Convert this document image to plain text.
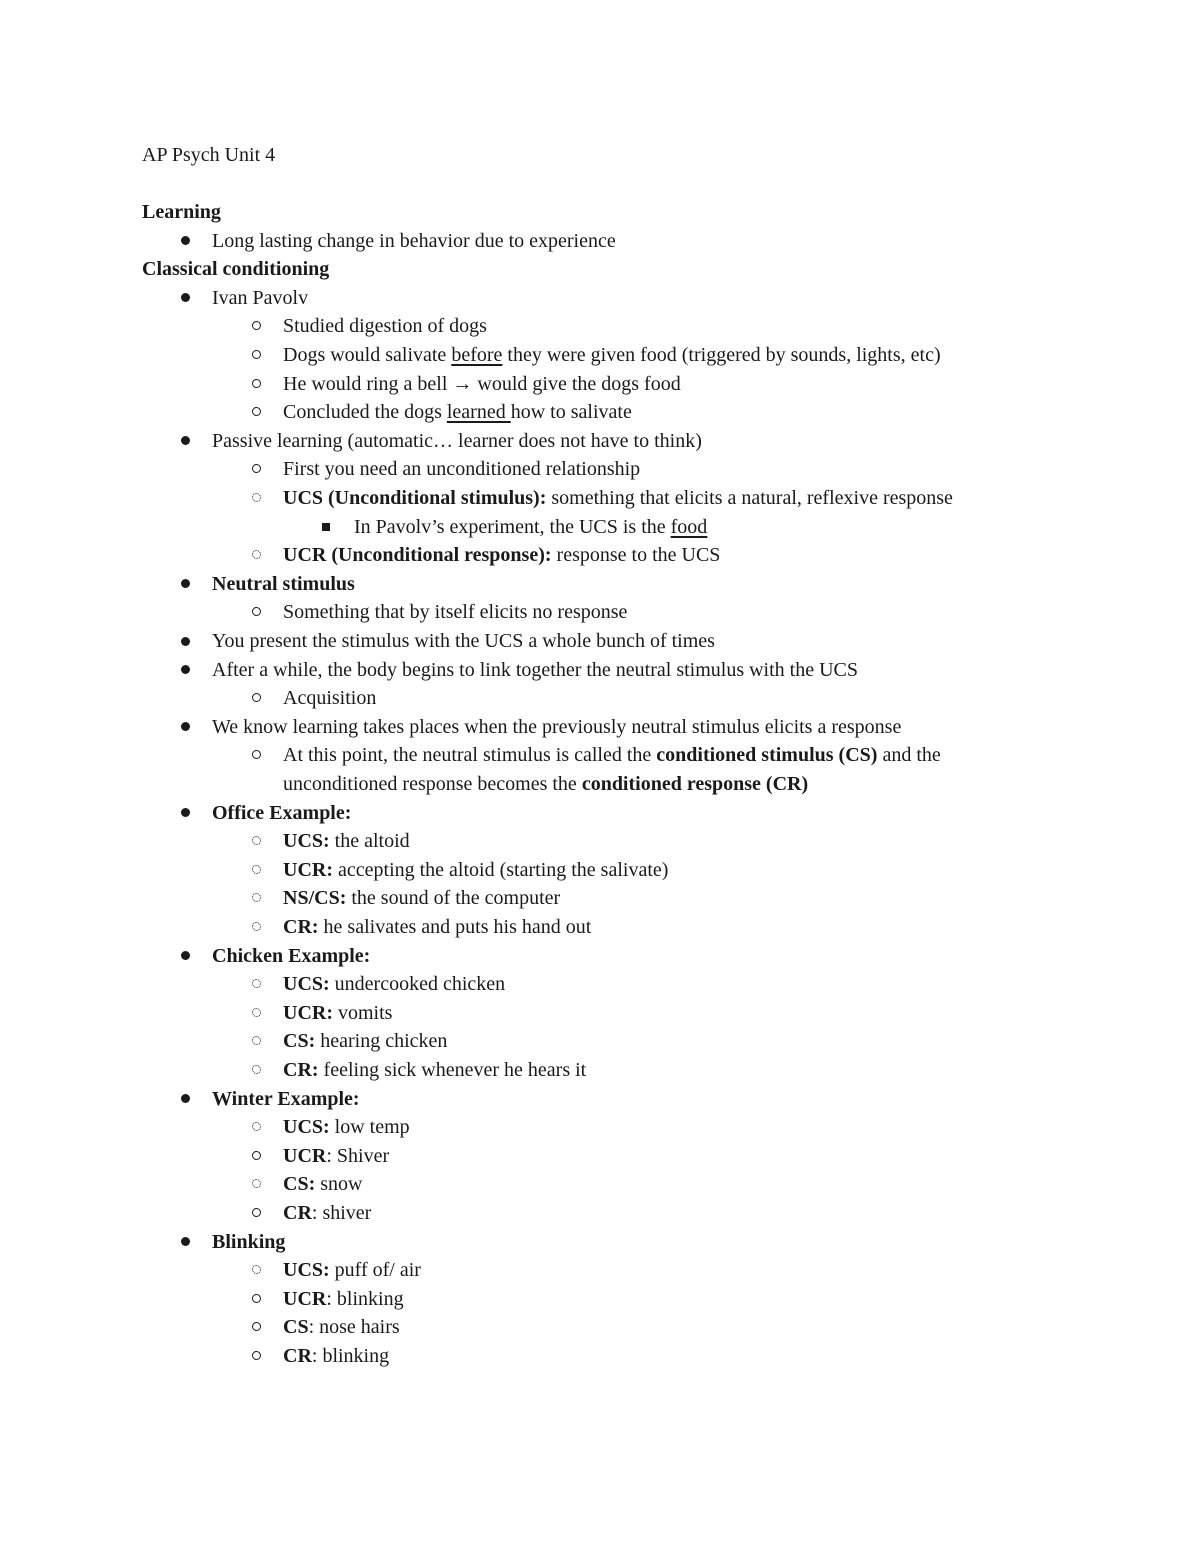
AP Psych Unit 4
Learning
Long lasting change in behavior due to experience
Classical conditioning
Ivan Pavolv
Studied digestion of dogs
Dogs would salivate before they were given food (triggered by sounds, lights, etc)
He would ring a bell → would give the dogs food
Concluded the dogs learned how to salivate
Passive learning (automatic… learner does not have to think)
First you need an unconditioned relationship
UCS (Unconditional stimulus): something that elicits a natural, reflexive response
In Pavolv’s experiment, the UCS is the food
UCR (Unconditional response): response to the UCS
Neutral stimulus
Something that by itself elicits no response
You present the stimulus with the UCS a whole bunch of times
After a while, the body begins to link together the neutral stimulus with the UCS
Acquisition
We know learning takes places when the previously neutral stimulus elicits a response
At this point, the neutral stimulus is called the conditioned stimulus (CS) and the
unconditioned response becomes the conditioned response (CR)
Office Example:
UCS: the altoid
UCR: accepting the altoid (starting the salivate)
NS/CS: the sound of the computer
CR: he salivates and puts his hand out
Chicken Example:
UCS: undercooked chicken
UCR: vomits
CS: hearing chicken
CR: feeling sick whenever he hears it
Winter Example:
UCS: low temp
UCR: Shiver
CS: snow
CR: shiver
Blinking
UCS: puff of/ air
UCR: blinking
CS: nose hairs
CR: blinking
